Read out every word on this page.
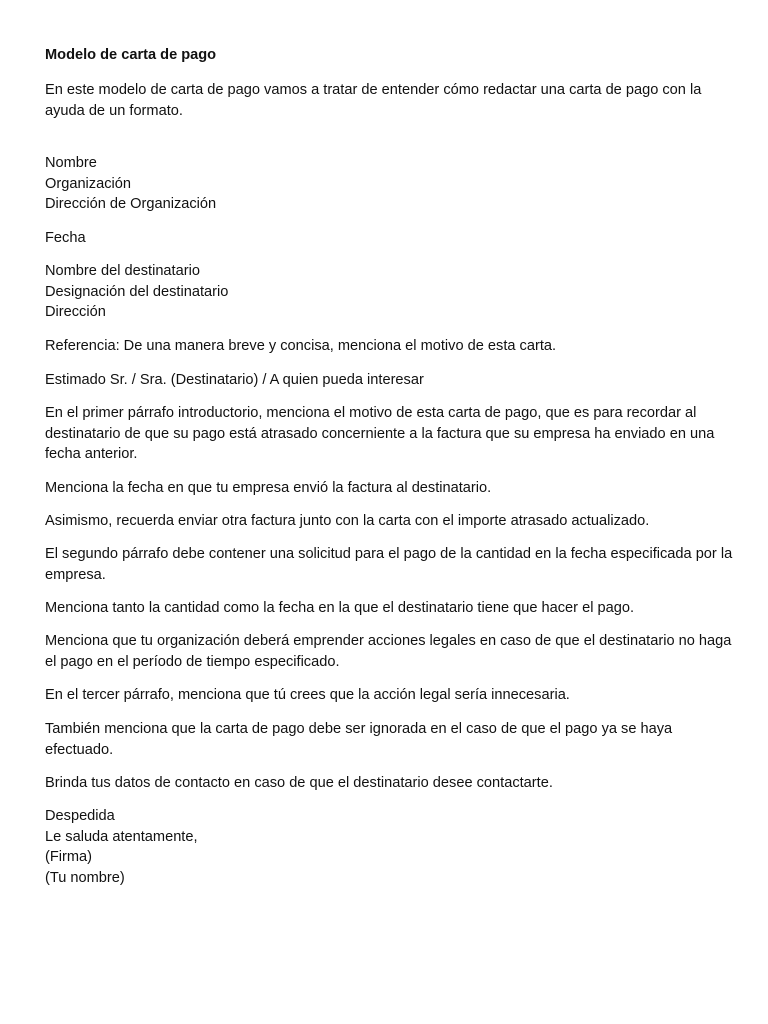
Modelo de carta de pago

En este modelo de carta de pago vamos a tratar de entender cómo redactar una carta de pago con la ayuda de un formato.

Nombre
Organización
Dirección de Organización

Fecha

Nombre del destinatario
Designación del destinatario
Dirección

Referencia: De una manera breve y concisa, menciona el motivo de esta carta.

Estimado Sr. / Sra. (Destinatario) / A quien pueda interesar

En el primer párrafo introductorio, menciona el motivo de esta carta de pago, que es para recordar al destinatario de que su pago está atrasado concerniente a la factura que su empresa ha enviado en una fecha anterior.

Menciona la fecha en que tu empresa envió la factura al destinatario.

Asimismo, recuerda enviar otra factura junto con la carta con el importe atrasado actualizado.

El segundo párrafo debe contener una solicitud para el pago de la cantidad en la fecha especificada por la empresa.

Menciona tanto la cantidad como la fecha en la que el destinatario tiene que hacer el pago.

Menciona que tu organización deberá emprender acciones legales en caso de que el destinatario no haga el pago en el período de tiempo especificado.

En el tercer párrafo, menciona que tú crees que la acción legal sería innecesaria.

También menciona que la carta de pago debe ser ignorada en el caso de que el pago ya se haya efectuado.

Brinda tus datos de contacto en caso de que el destinatario desee contactarte.

Despedida
Le saluda atentamente,
(Firma)
(Tu nombre)
